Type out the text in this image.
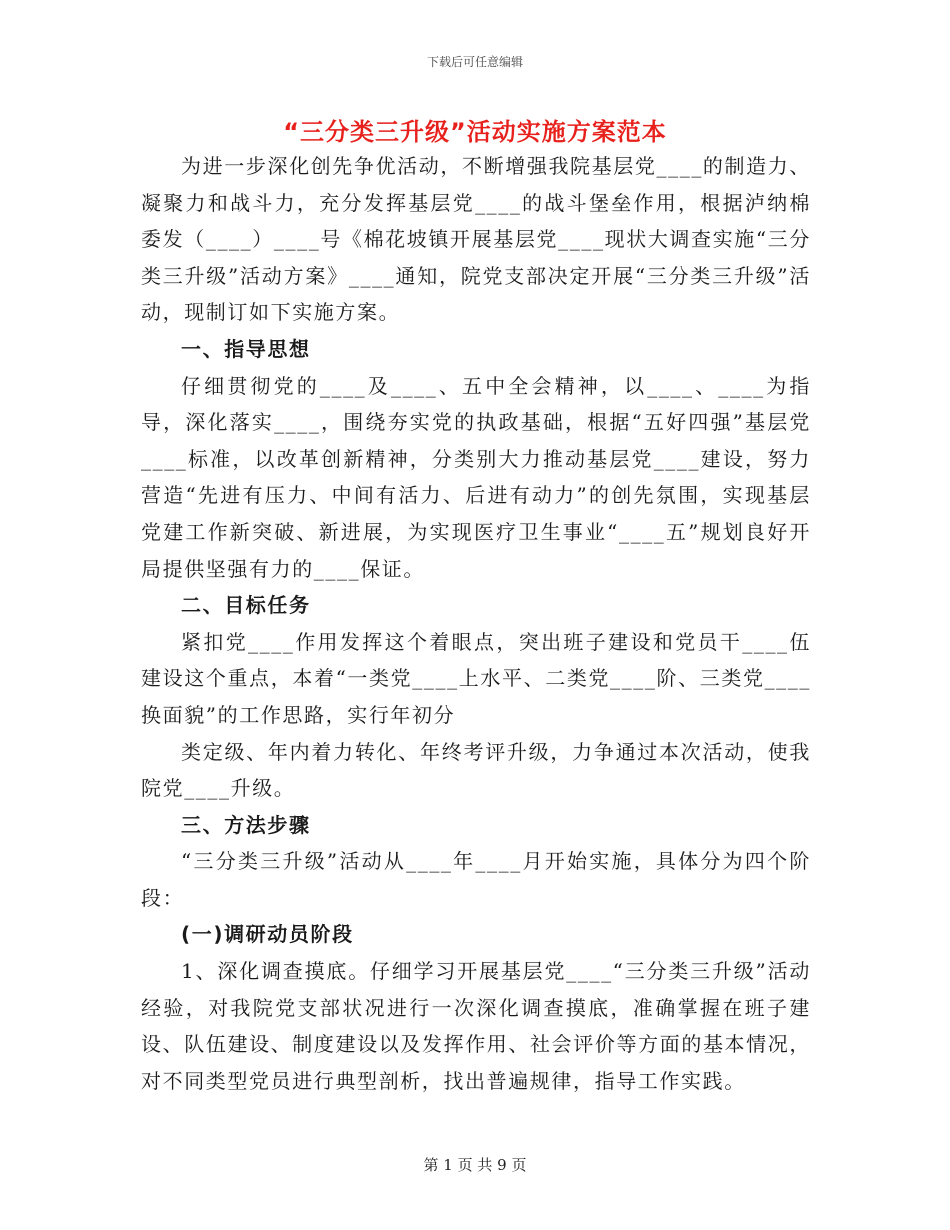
下载后可任意编辑
“三分类三升级”活动实施方案范本

为进一步深化创先争优活动，不断增强我院基层党____的制造力、凝聚力和战斗力，充分发挥基层党____的战斗堡垒作用，根据泸纳棉委发（____）____号《棉花坡镇开展基层党____现状大调查实施“三分类三升级”活动方案》____通知，院党支部决定开展“三分类三升级”活动，现制订如下实施方案。

一、指导思想

仔细贯彻党的____及____、五中全会精神，以____、____为指导，深化落实____，围绕夯实党的执政基础，根据“五好四强”基层党____标准，以改革创新精神，分类别大力推动基层党____建设，努力营造“先进有压力、中间有活力、后进有动力”的创先氛围，实现基层党建工作新突破、新进展，为实现医疗卫生事业“____五”规划良好开局提供坚强有力的____保证。

二、目标任务

紧扣党____作用发挥这个着眼点，突出班子建设和党员干____伍建设这个重点，本着“一类党____上水平、二类党____阶、三类党____换面貌”的工作思路，实行年初分

类定级、年内着力转化、年终考评升级，力争通过本次活动，使我院党____升级。

三、方法步骤

“三分类三升级”活动从____年____月开始实施，具体分为四个阶段：

(一)调研动员阶段

1、深化调查摸底。仔细学习开展基层党____“三分类三升级”活动经验，对我院党支部状况进行一次深化调查摸底，准确掌握在班子建设、队伍建设、制度建设以及发挥作用、社会评价等方面的基本情况，对不同类型党员进行典型剖析，找出普遍规律，指导工作实践。

第 1 页 共 9 页
